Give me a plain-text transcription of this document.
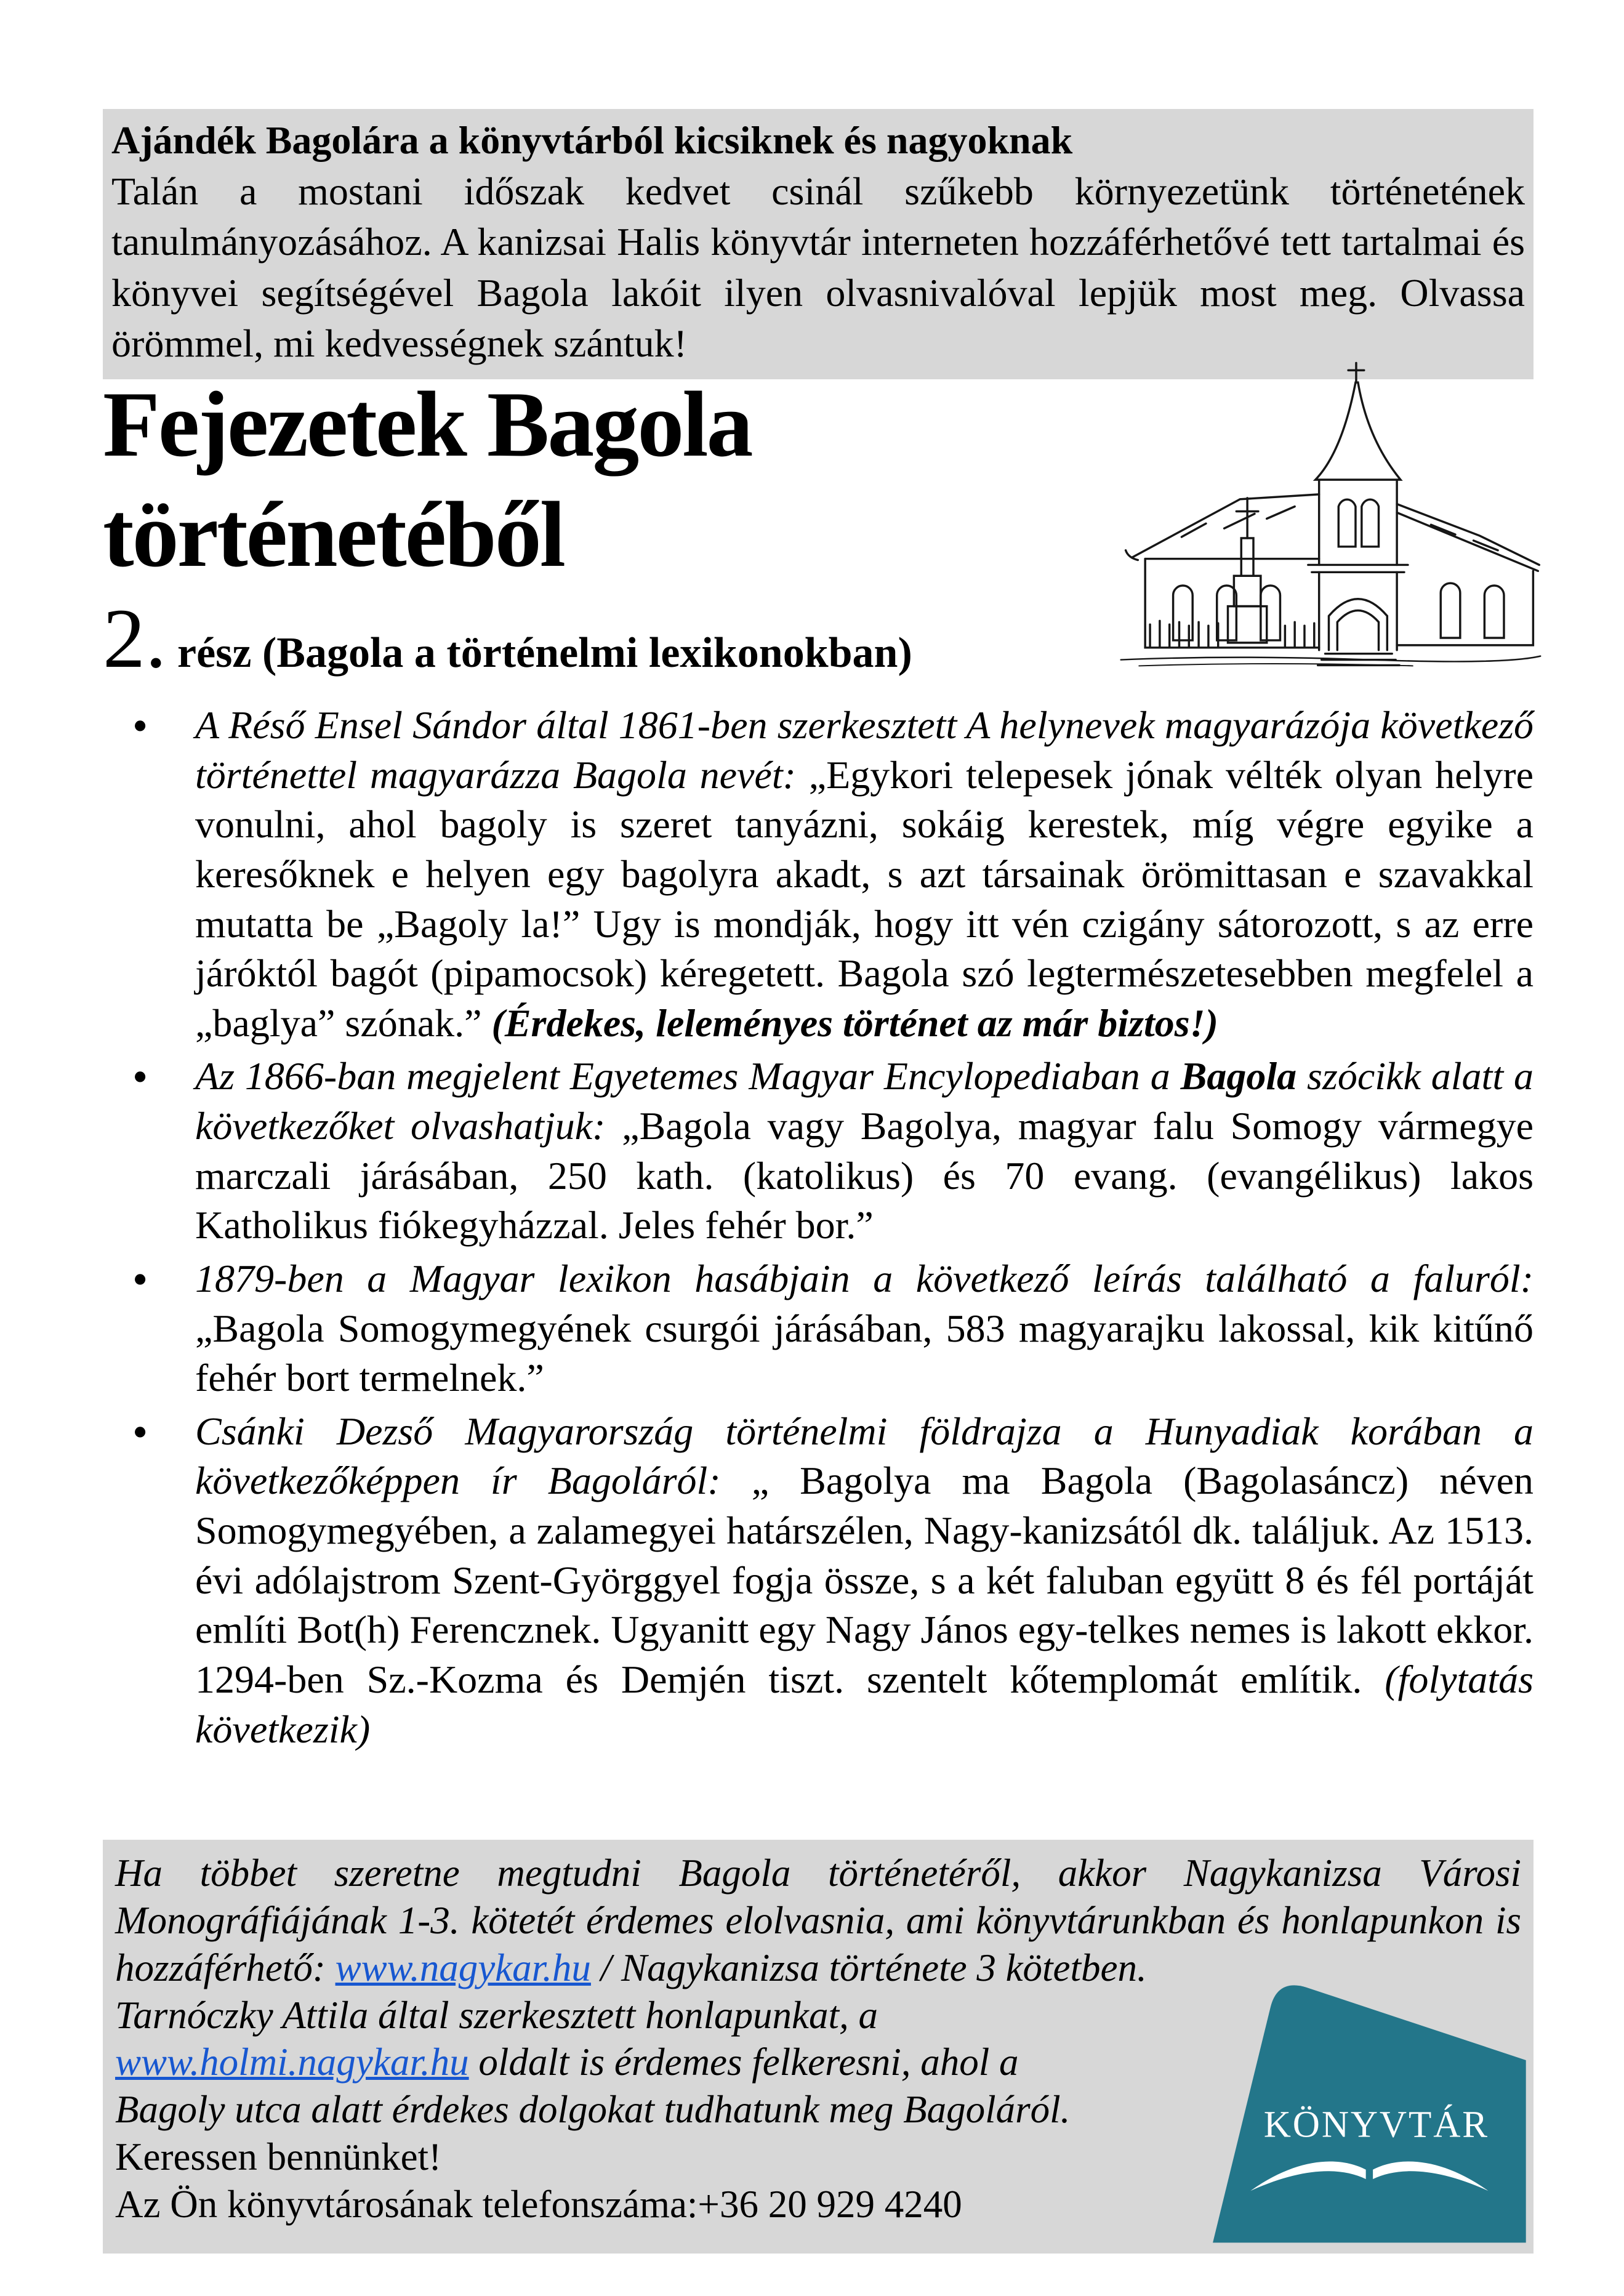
Ajándék Bagolára a könyvtárból kicsiknek és nagyoknak
Talán a mostani időszak kedvet csinál szűkebb környezetünk történetének tanulmányozásához. A kanizsai Halis könyvtár interneten hozzáférhetővé tett tartalmai és könyvei segítségével Bagola lakóit ilyen olvasnivalóval lepjük most meg. Olvassa örömmel, mi kedvességnek szántuk!
Fejezetek Bagola
történetéből
2. rész (Bagola a történelmi lexikonokban)
• A Réső Ensel Sándor által 1861-ben szerkesztett A helynevek magyarázója következő történettel magyarázza Bagola nevét: „Egykori telepesek jónak vélték olyan helyre vonulni, ahol bagoly is szeret tanyázni, sokáig kerestek, míg végre egyike a keresőknek e helyen egy bagolyra akadt, s azt társainak örömittasan e szavakkal mutatta be „Bagoly la!” Ugy is mondják, hogy itt vén czigány sátorozott, s az erre járóktól bagót (pipamocsok) kéregetett. Bagola szó legtermészetesebben megfelel a „baglya” szónak.” (Érdekes, leleményes történet az már biztos!)
• Az 1866-ban megjelent Egyetemes Magyar Encylopediaban a Bagola szócikk alatt a következőket olvashatjuk: „Bagola vagy Bagolya, magyar falu Somogy vármegye marczali járásában, 250 kath. (katolikus) és 70 evang. (evangélikus) lakos Katholikus fiókegyházzal. Jeles fehér bor.”
• 1879-ben a Magyar lexikon hasábjain a következő leírás található a faluról: „Bagola Somogymegyének csurgói járásában, 583 magyarajku lakossal, kik kitűnő fehér bort termelnek.”
• Csánki Dezső Magyarország történelmi földrajza a Hunyadiak korában a következőképpen ír Bagoláról: „ Bagolya ma Bagola (Bagolasáncz) néven Somogymegyében, a zalamegyei határszélen, Nagy-kanizsától dk. találjuk. Az 1513. évi adólajstrom Szent-Györggyel fogja össze, s a két faluban együtt 8 és fél portáját említi Bot(h) Ferencznek. Ugyanitt egy Nagy János egy-telkes nemes is lakott ekkor. 1294-ben Sz.-Kozma és Demjén tiszt. szentelt kőtemplomát említik. (folytatás következik)

Ha többet szeretne megtudni Bagola történetéről, akkor Nagykanizsa Városi Monográfiájának 1-3. kötetét érdemes elolvasnia, ami könyvtárunkban és honlapunkon is hozzáférhető: www.nagykar.hu / Nagykanizsa története 3 kötetben.

Tarnóczky Attila által szerkesztett honlapunkat, a www.holmi.nagykar.hu oldalt is érdemes felkeresni, ahol a Bagoly utca alatt érdekes dolgokat tudhatunk meg Bagoláról.

Keressen bennünket!

Az Ön könyvtárosának telefonszáma:+36 20 929 4240

KÖNYVTÁR
